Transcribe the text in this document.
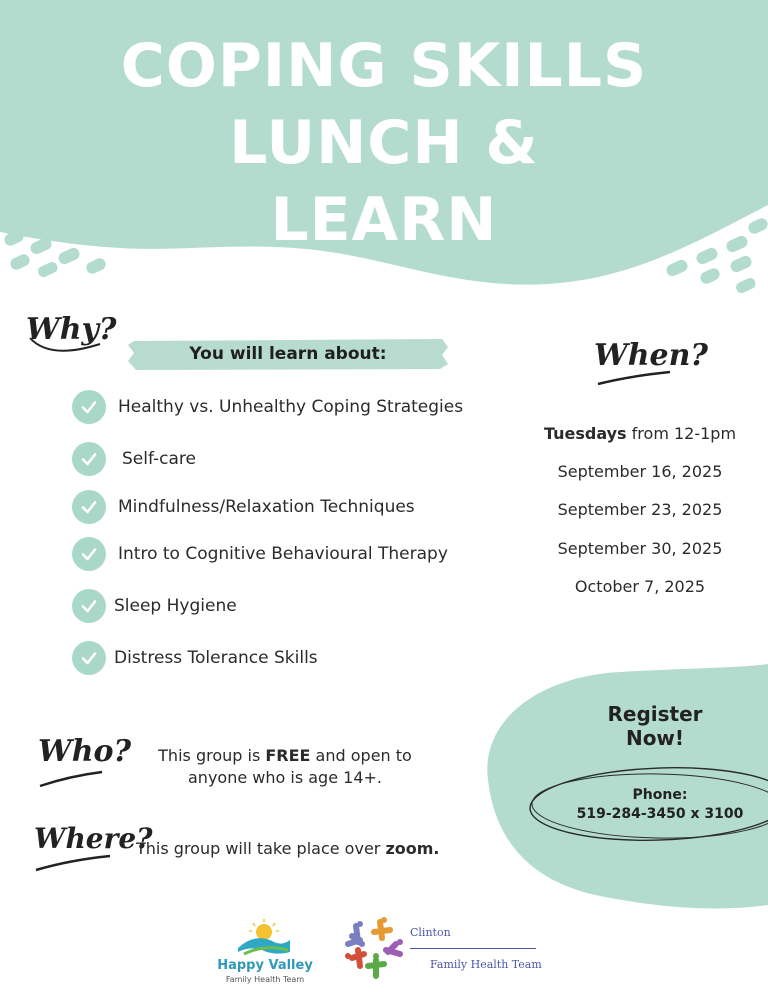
COPING SKILLS
LUNCH &
LEARN
Why?
You will learn about:
Healthy vs. Unhealthy Coping Strategies
Self-care
Mindfulness/Relaxation Techniques
Intro to Cognitive Behavioural Therapy
Sleep Hygiene
Distress Tolerance Skills
When?
Tuesdays from 12-1pm
September 16, 2025
September 23, 2025
September 30, 2025
October 7, 2025
Who?	This group is FREE and open to
anyone who is age 14+.
Where?
This group will take place over zoom.
Register
Now!
Phone:
519-284-3450 x 3100
Happy Valley
Family Health Team
Clinton
Family Health Team
